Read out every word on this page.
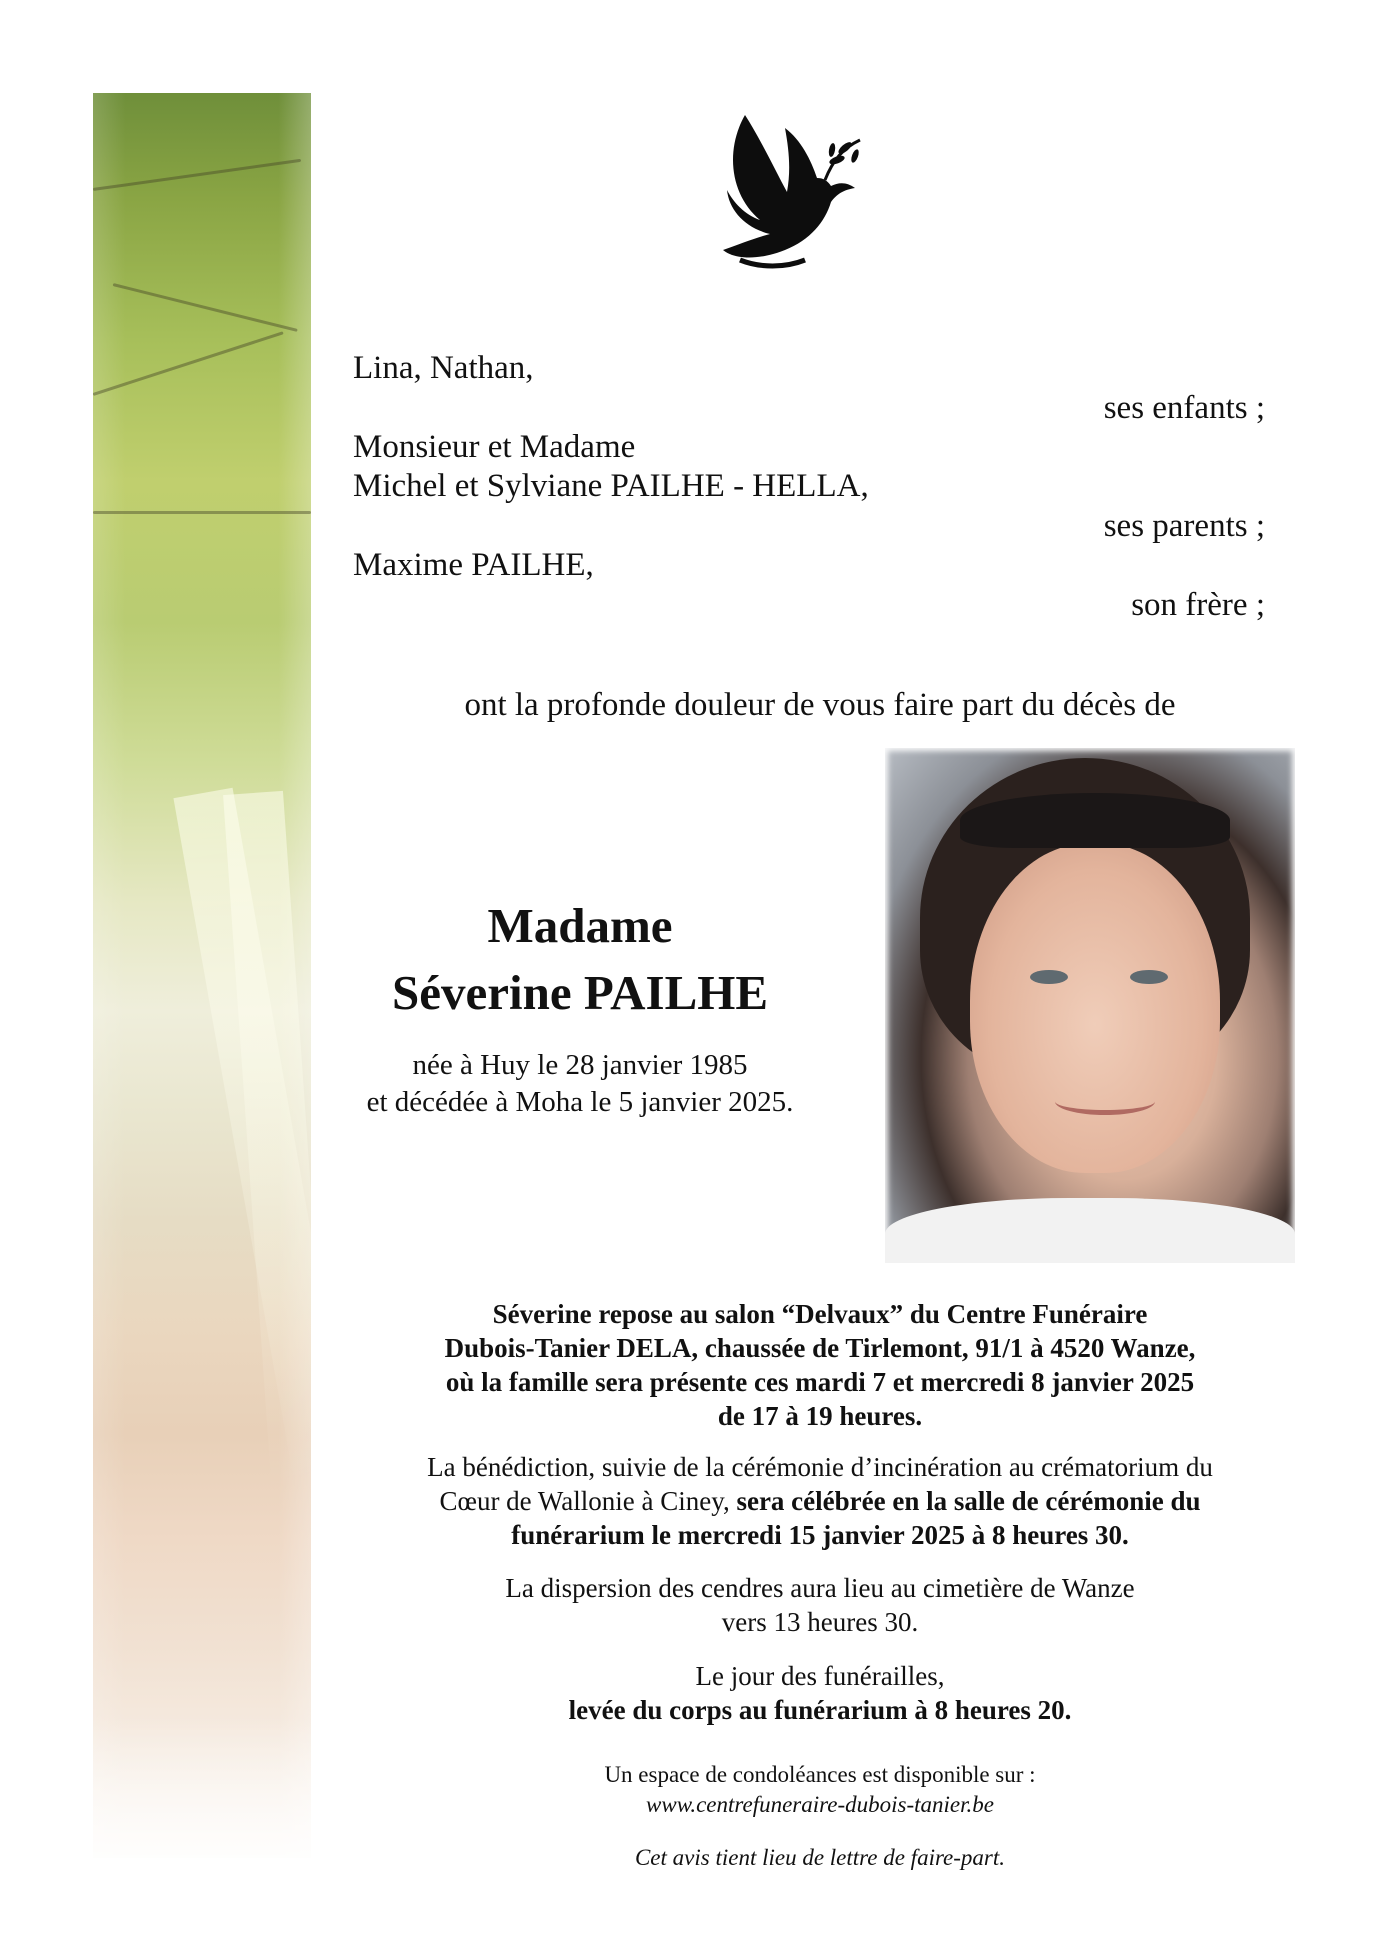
Lina, Nathan,
ses enfants ;
Monsieur et Madame
Michel et Sylviane PAILHE - HELLA,
ses parents ;
Maxime PAILHE,
son frère ;
ont la profonde douleur de vous faire part du décès de
Madame
Séverine PAILHE
née à Huy le 28 janvier 1985
et décédée à Moha le 5 janvier 2025.
Séverine repose au salon “Delvaux” du Centre Funéraire
Dubois-Tanier DELA, chaussée de Tirlemont, 91/1 à 4520 Wanze,
où la famille sera présente ces mardi 7 et mercredi 8 janvier 2025
de 17 à 19 heures.
La bénédiction, suivie de la cérémonie d’incinération au crématorium du
Cœur de Wallonie à Ciney, sera célébrée en la salle de cérémonie du
funérarium le mercredi 15 janvier 2025 à 8 heures 30.
La dispersion des cendres aura lieu au cimetière de Wanze
vers 13 heures 30.
Le jour des funérailles,
levée du corps au funérarium à 8 heures 20.
Un espace de condoléances est disponible sur :
www.centrefuneraire-dubois-tanier.be
Cet avis tient lieu de lettre de faire-part.
